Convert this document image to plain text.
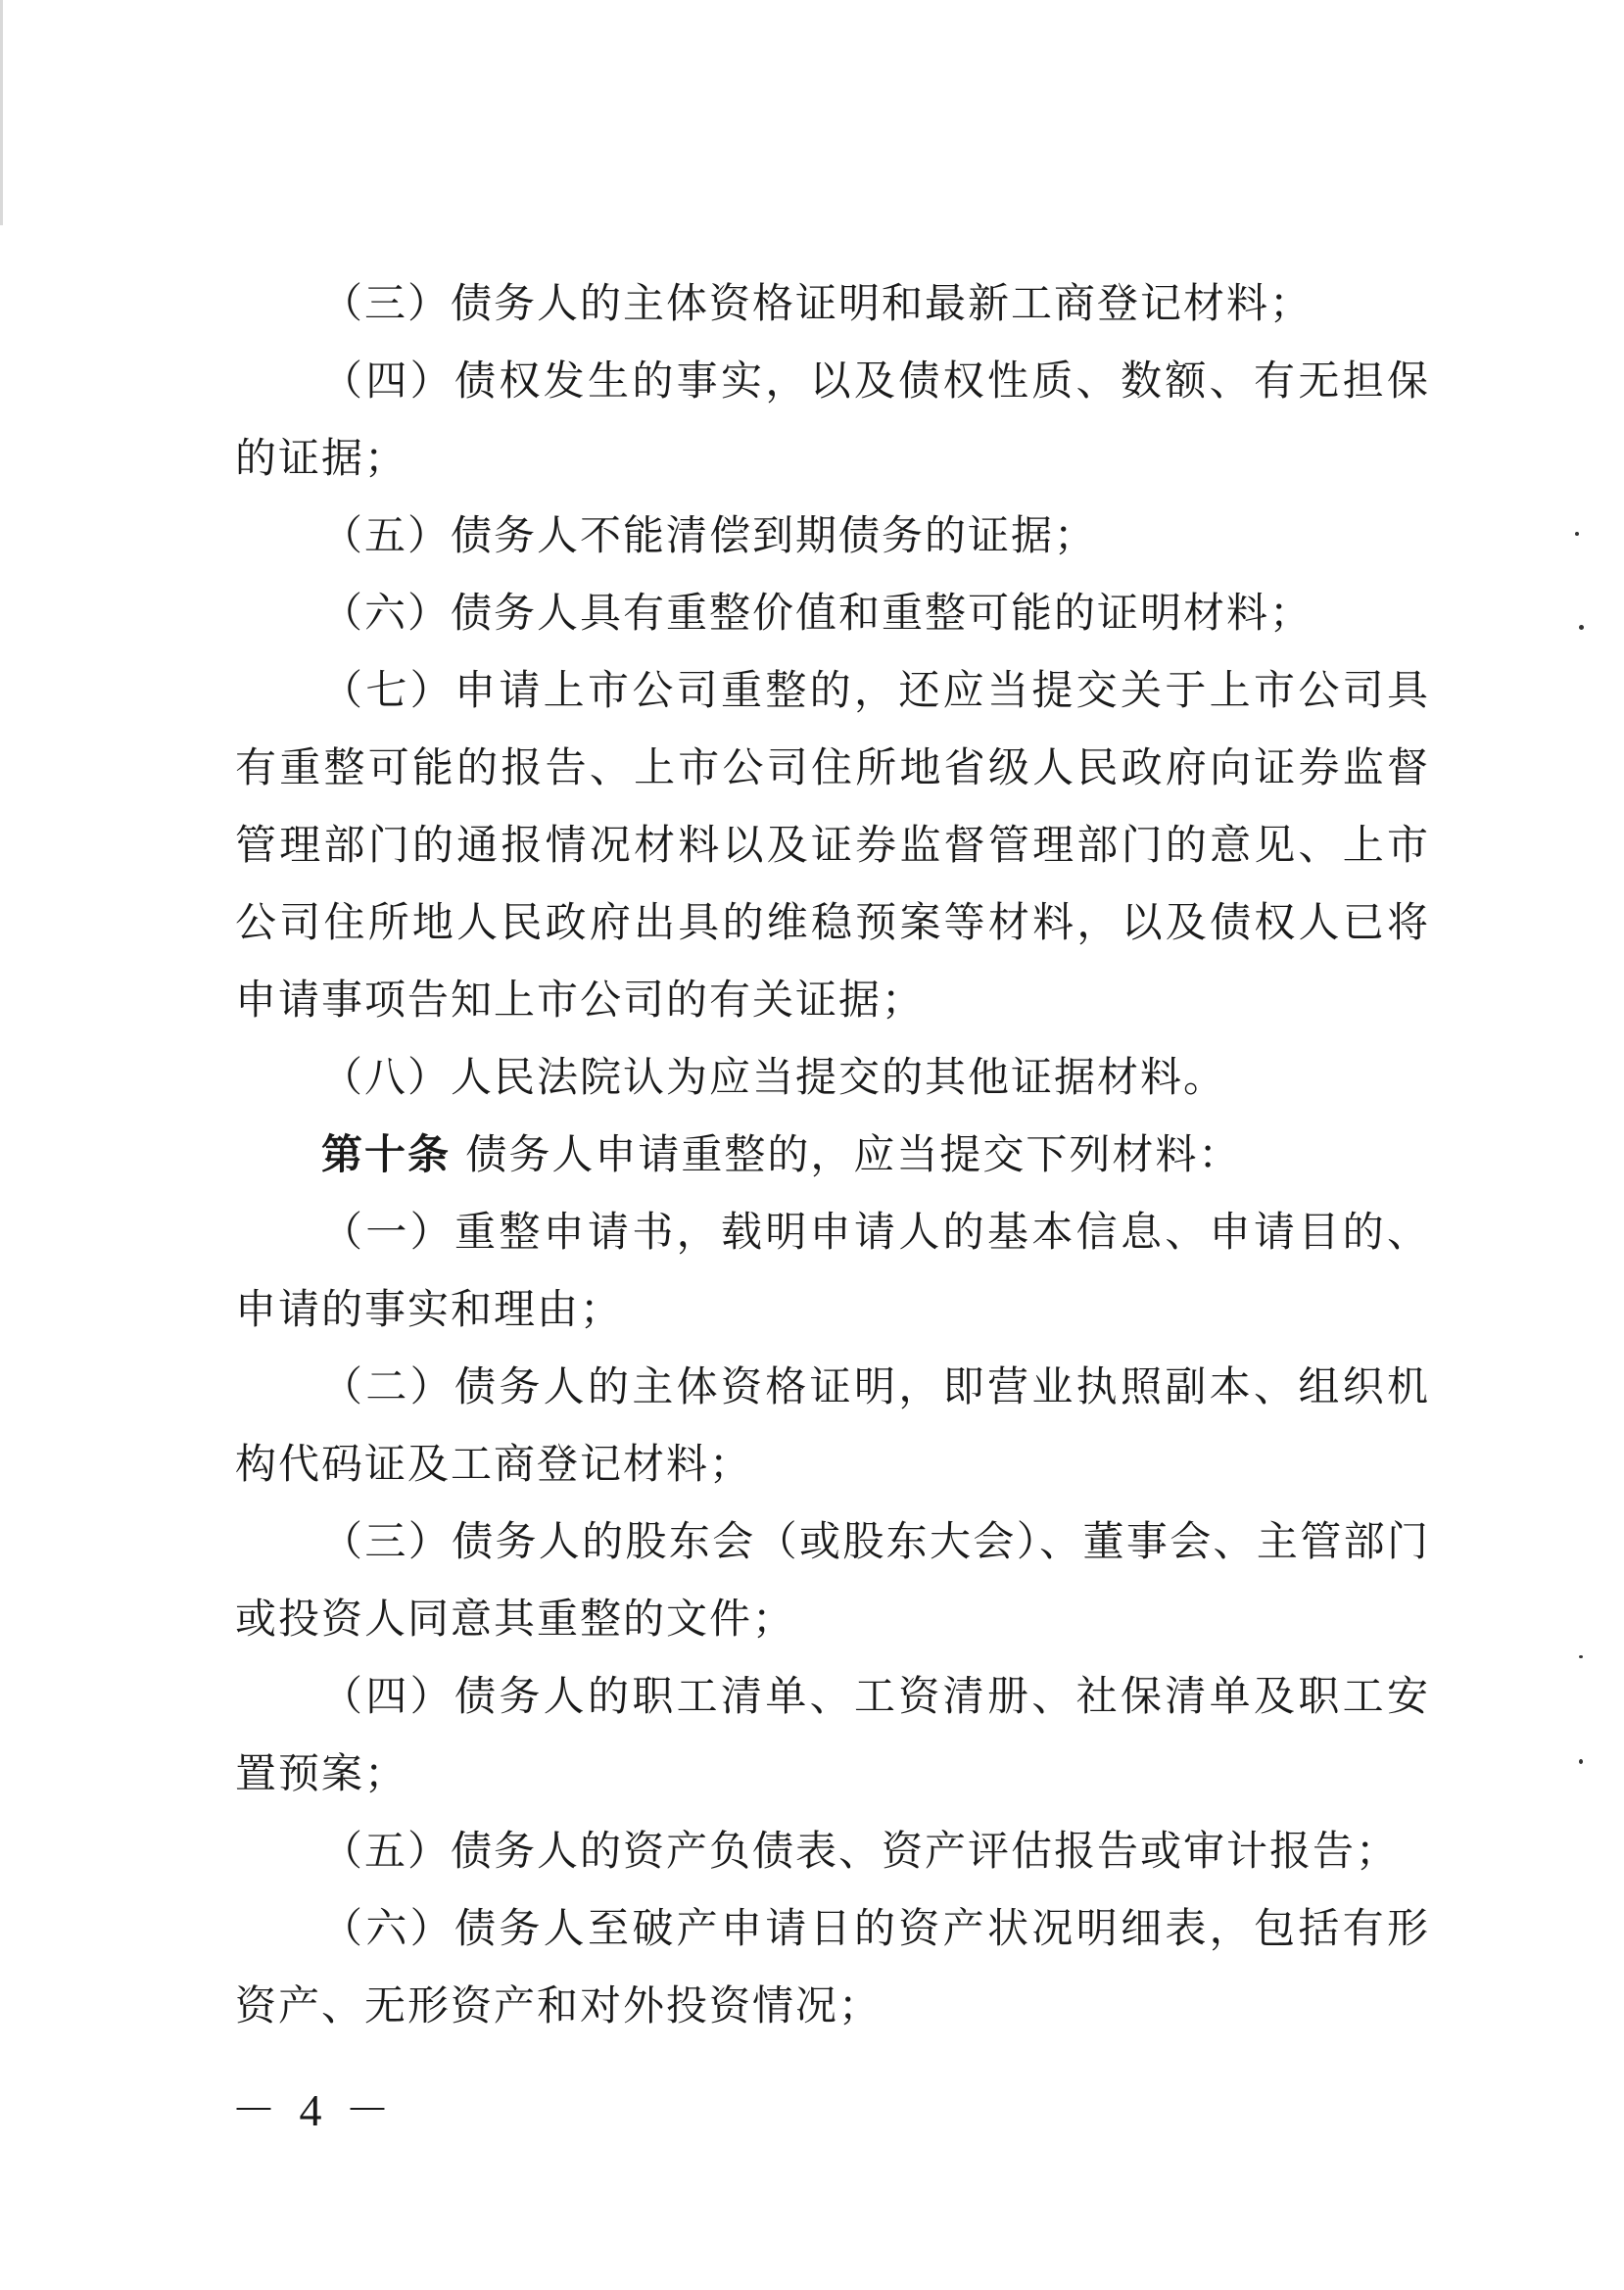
（三）债务人的主体资格证明和最新工商登记材料；

（四）债权发生的事实，以及债权性质、数额、有无担保的证据；

（五）债务人不能清偿到期债务的证据；

（六）债务人具有重整价值和重整可能的证明材料；

（七）申请上市公司重整的，还应当提交关于上市公司具有重整可能的报告、上市公司住所地省级人民政府向证券监督管理部门的通报情况材料以及证券监督管理部门的意见、上市公司住所地人民政府出具的维稳预案等材料，以及债权人已将申请事项告知上市公司的有关证据；

（八）人民法院认为应当提交的其他证据材料。

第十条 债务人申请重整的，应当提交下列材料：

（一）重整申请书，载明申请人的基本信息、申请目的、申请的事实和理由；

（二）债务人的主体资格证明，即营业执照副本、组织机构代码证及工商登记材料；

（三）债务人的股东会（或股东大会）、董事会、主管部门或投资人同意其重整的文件；

（四）债务人的职工清单、工资清册、社保清单及职工安置预案；

（五）债务人的资产负债表、资产评估报告或审计报告；

（六）债务人至破产申请日的资产状况明细表，包括有形资产、无形资产和对外投资情况；

－ 4 －
